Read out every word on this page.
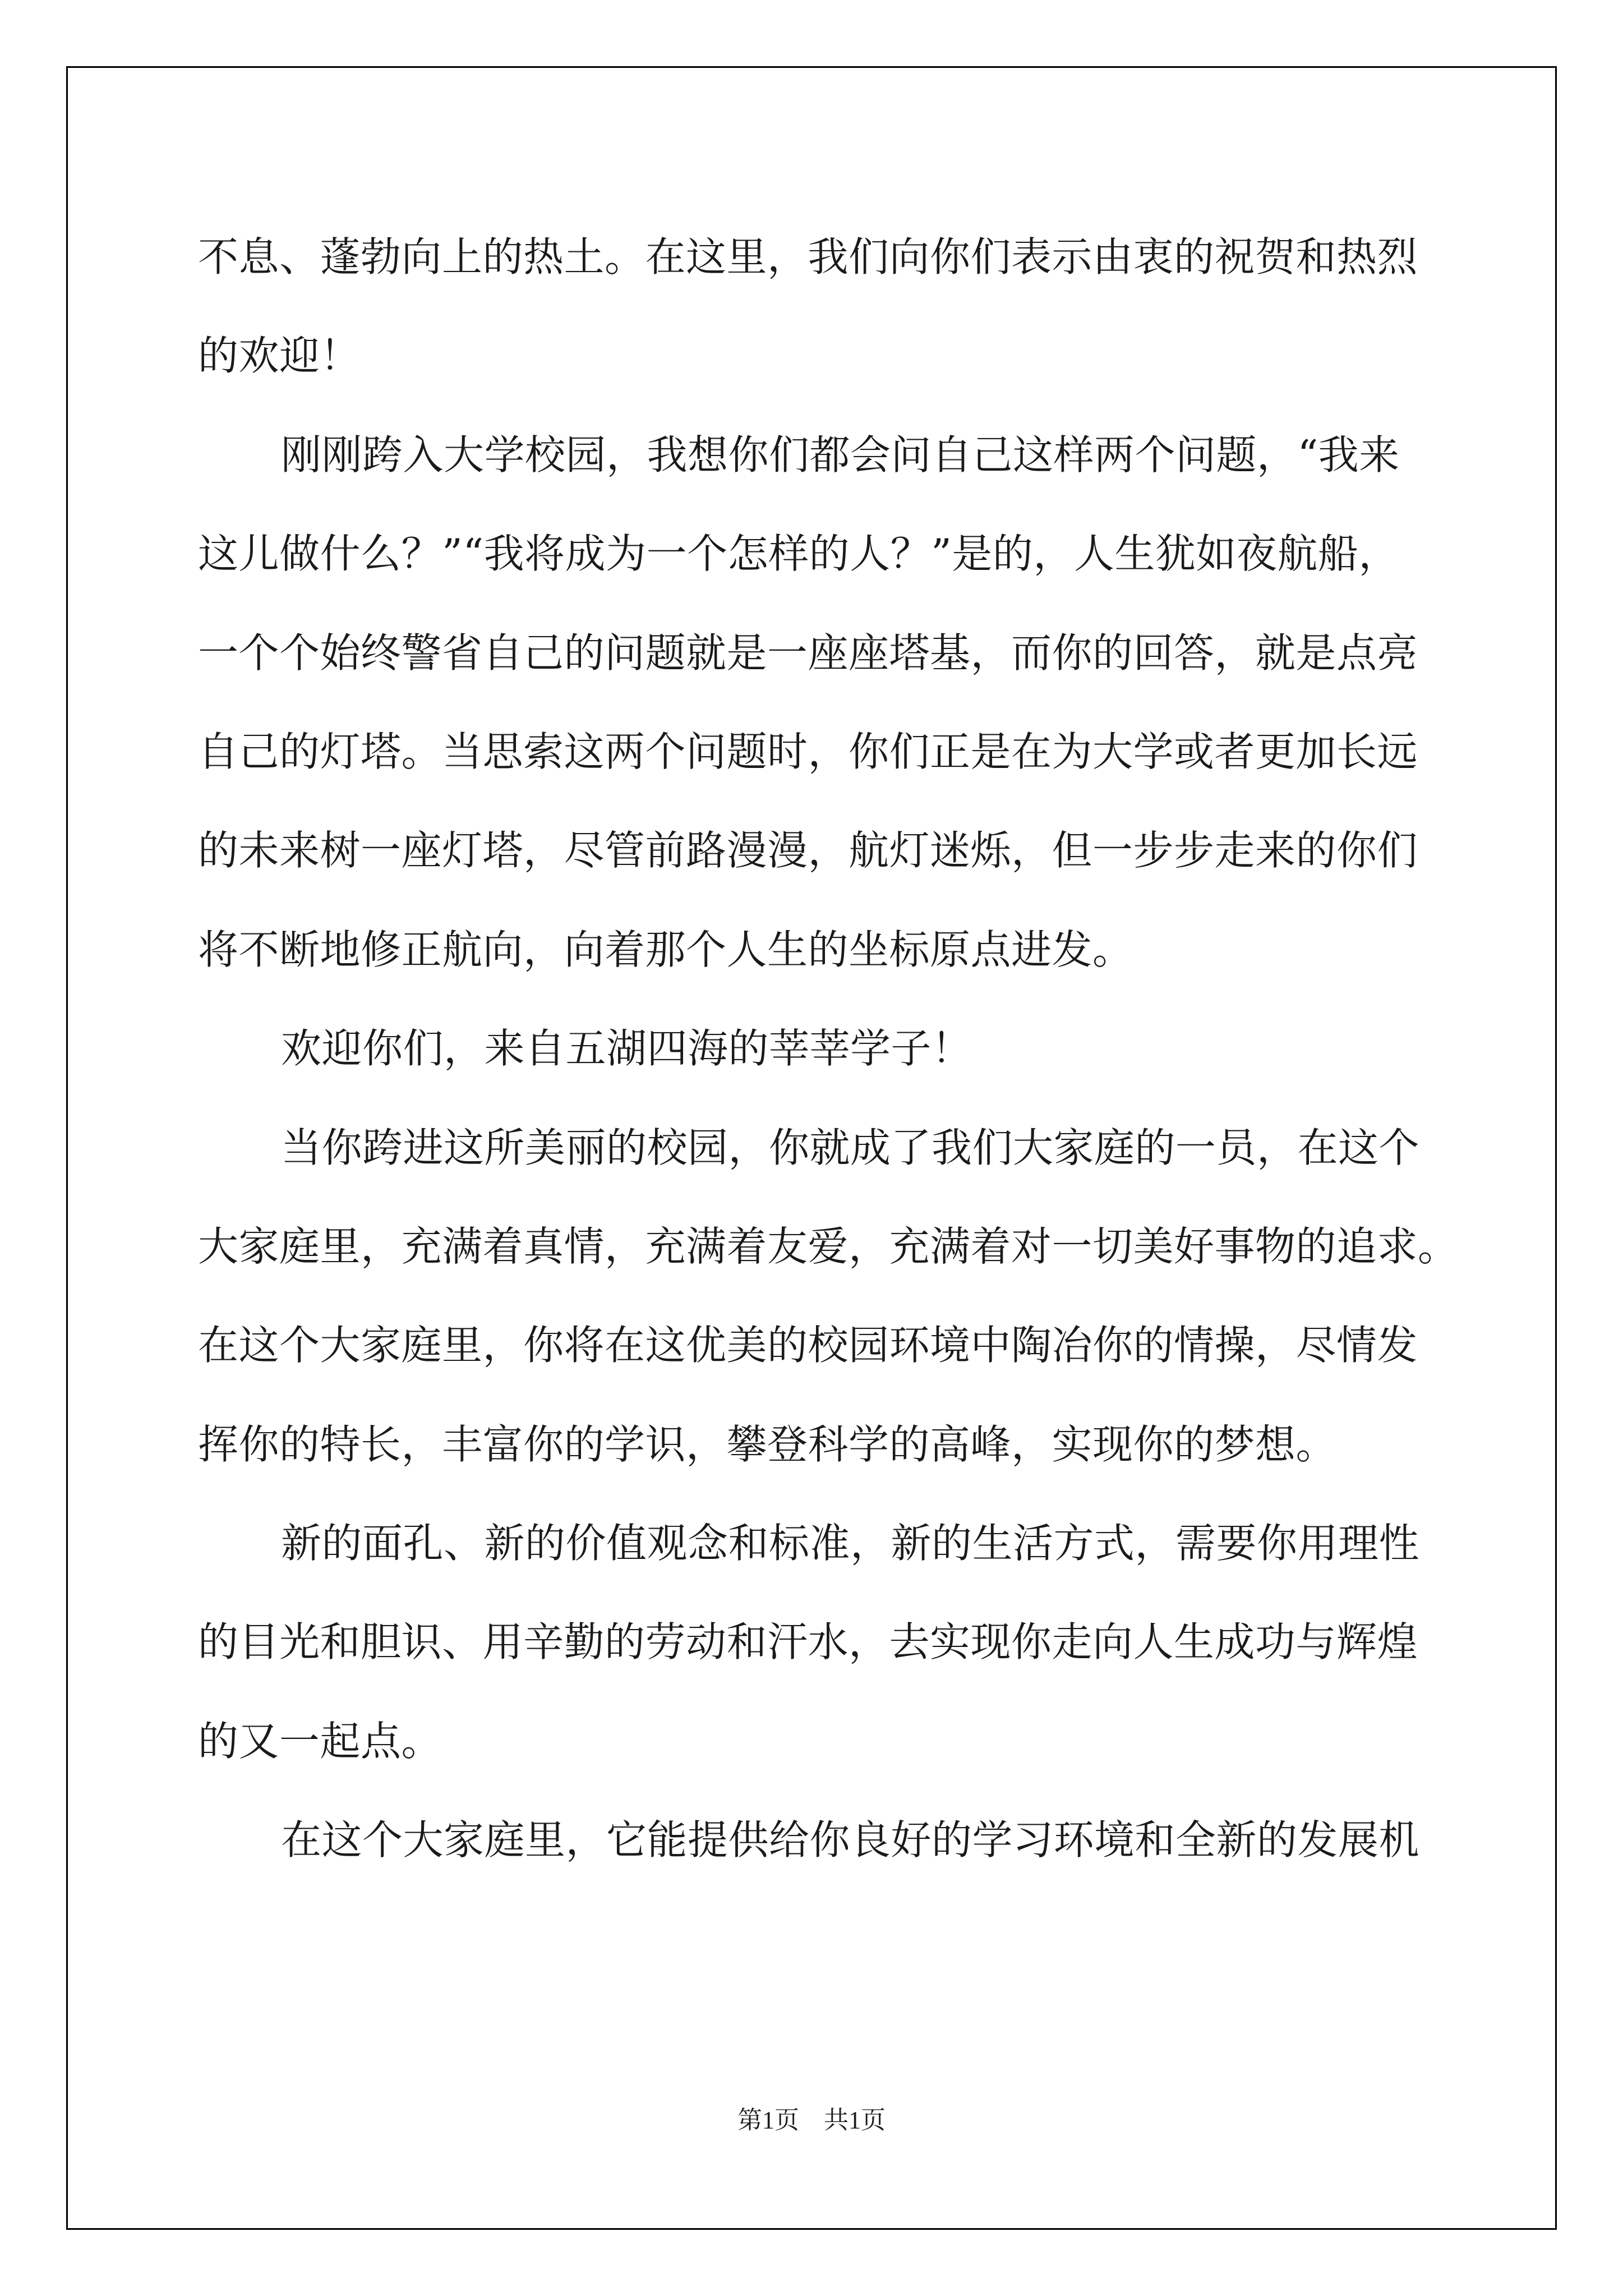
不息、蓬勃向上的热土。在这里，我们向你们表示由衷的祝贺和热烈
的欢迎！
刚刚跨入大学校园，我想你们都会问自己这样两个问题，“我来
这儿做什么？”“我将成为一个怎样的人？”是的，人生犹如夜航船，
一个个始终警省自己的问题就是一座座塔基，而你的回答，就是点亮
自己的灯塔。当思索这两个问题时，你们正是在为大学或者更加长远
的未来树一座灯塔，尽管前路漫漫，航灯迷烁，但一步步走来的你们
将不断地修正航向，向着那个人生的坐标原点进发。
欢迎你们，来自五湖四海的莘莘学子！
当你跨进这所美丽的校园，你就成了我们大家庭的一员，在这个
大家庭里，充满着真情，充满着友爱，充满着对一切美好事物的追求。
在这个大家庭里，你将在这优美的校园环境中陶冶你的情操，尽情发
挥你的特长，丰富你的学识，攀登科学的高峰，实现你的梦想。
新的面孔、新的价值观念和标准，新的生活方式，需要你用理性
的目光和胆识、用辛勤的劳动和汗水，去实现你走向人生成功与辉煌
的又一起点。
在这个大家庭里，它能提供给你良好的学习环境和全新的发展机
第1页 共1页
